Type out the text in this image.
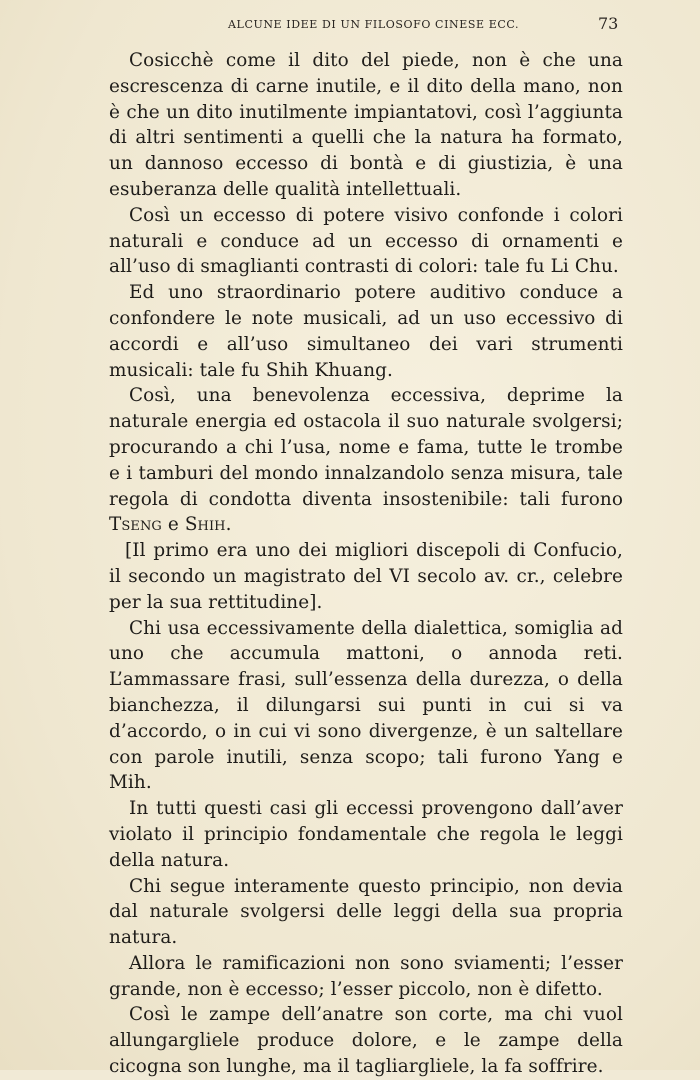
ALCUNE IDEE DI UN FILOSOFO CINESE ECC.	73

Cosicchè come il dito del piede, non è che una escrescenza di carne inutile, e il dito della mano, non è che un dito inutilmente impiantatovi, così l’aggiunta di altri sentimenti a quelli che la natura ha formato, un dannoso eccesso di bontà e di giustizia, è una esuberanza delle qualità intellettuali.

Così un eccesso di potere visivo confonde i colori naturali e conduce ad un eccesso di ornamenti e all’uso di smaglianti contrasti di colori: tale fu Li Chu.

Ed uno straordinario potere auditivo conduce a confondere le note musicali, ad un uso eccessivo di accordi e all’uso simultaneo dei vari strumenti musicali: tale fu Shih Khuang.

Così, una benevolenza eccessiva, deprime la naturale energia ed ostacola il suo naturale svolgersi; procurando a chi l’usa, nome e fama, tutte le trombe e i tamburi del mondo innalzandolo senza misura, tale regola di condotta diventa insostenibile: tali furono Tseng e Shih.

[Il primo era uno dei migliori discepoli di Confucio, il secondo un magistrato del VI secolo av. cr., celebre per la sua rettitudine].

Chi usa eccessivamente della dialettica, somiglia ad uno che accumula mattoni, o annoda reti. L’ammassare frasi, sull’essenza della durezza, o della bianchezza, il dilungarsi sui punti in cui si va d’accordo, o in cui vi sono divergenze, è un saltellare con parole inutili, senza scopo; tali furono Yang e Mih.

In tutti questi casi gli eccessi provengono dall’aver violato il principio fondamentale che regola le leggi della natura.

Chi segue interamente questo principio, non devia dal naturale svolgersi delle leggi della sua propria natura.

Allora le ramificazioni non sono sviamenti; l’esser grande, non è eccesso; l’esser piccolo, non è difetto.

Così le zampe dell’anatre son corte, ma chi vuol allungargliele produce dolore, e le zampe della cicogna son lunghe, ma il tagliargliele, la fa soffrire.
